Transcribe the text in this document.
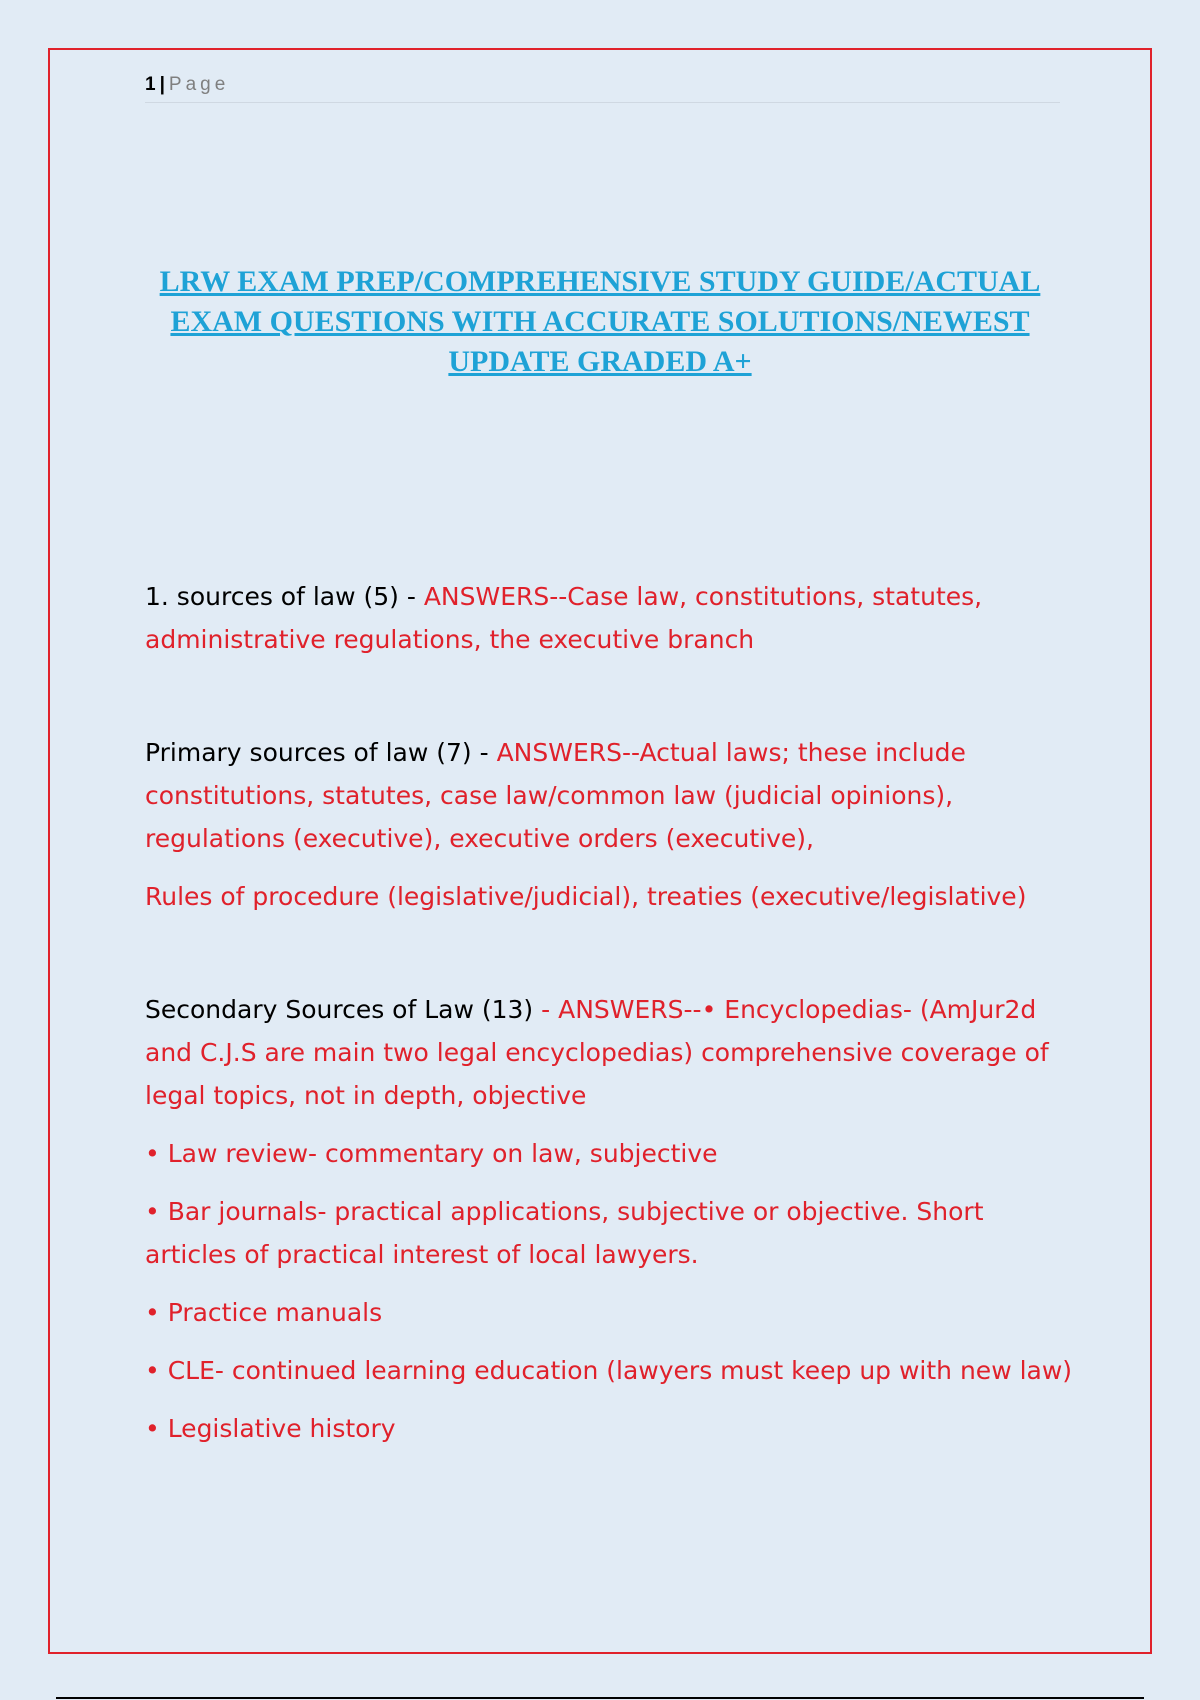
1 | Page
LRW EXAM PREP/COMPREHENSIVE STUDY GUIDE/ACTUAL EXAM QUESTIONS WITH ACCURATE SOLUTIONS/NEWEST UPDATE GRADED A+

1. sources of law (5) - ANSWERS--Case law, constitutions, statutes, administrative regulations, the executive branch

Primary sources of law (7) - ANSWERS--Actual laws; these include constitutions, statutes, case law/common law (judicial opinions), regulations (executive), executive orders (executive),

Rules of procedure (legislative/judicial), treaties (executive/legislative)

Secondary Sources of Law (13) - ANSWERS--• Encyclopedias- (AmJur2d and C.J.S are main two legal encyclopedias) comprehensive coverage of legal topics, not in depth, objective

• Law review- commentary on law, subjective

• Bar journals- practical applications, subjective or objective. Short articles of practical interest of local lawyers.

• Practice manuals

• CLE- continued learning education (lawyers must keep up with new law)

• Legislative history
